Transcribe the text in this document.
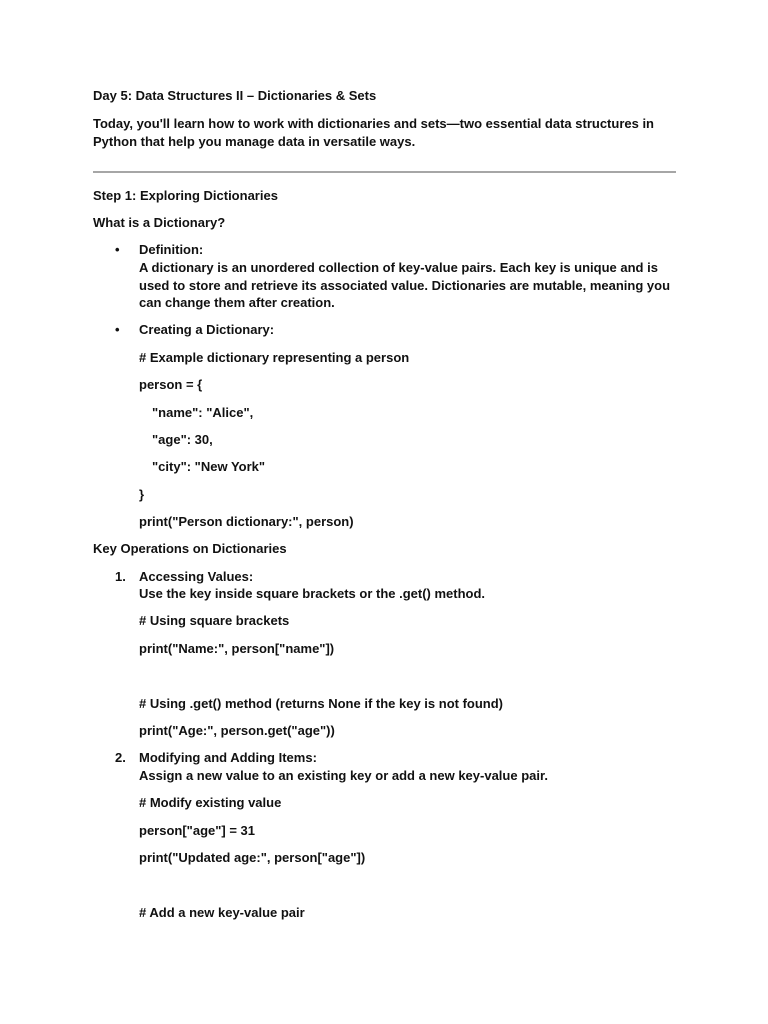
Day 5: Data Structures II – Dictionaries & Sets
Today, you'll learn how to work with dictionaries and sets—two essential data structures in Python that help you manage data in versatile ways.
Step 1: Exploring Dictionaries
What is a Dictionary?
• Definition:
A dictionary is an unordered collection of key-value pairs. Each key is unique and is used to store and retrieve its associated value. Dictionaries are mutable, meaning you can change them after creation.
• Creating a Dictionary:
# Example dictionary representing a person
person = {
"name": "Alice",
"age": 30,
"city": "New York"
}
print("Person dictionary:", person)
Key Operations on Dictionaries
1. Accessing Values:
Use the key inside square brackets or the .get() method.
# Using square brackets
print("Name:", person["name"])
# Using .get() method (returns None if the key is not found)
print("Age:", person.get("age"))
2. Modifying and Adding Items:
Assign a new value to an existing key or add a new key-value pair.
# Modify existing value
person["age"] = 31
print("Updated age:", person["age"])
# Add a new key-value pair
